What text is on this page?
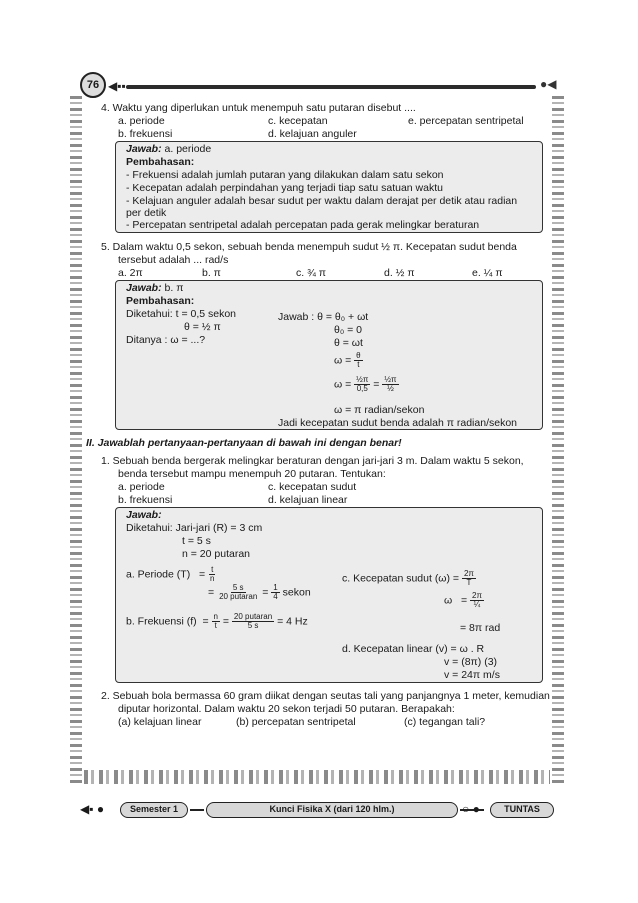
◀▪▪	●◀
76
4. Waktu yang diperlukan untuk menempuh satu putaran disebut ....
a. periode
b. frekuensi
c. kecepatan
d. kelajuan anguler
e. percepatan sentripetal
Jawab: a. periode
Pembahasan:
- Frekuensi adalah jumlah putaran yang dilakukan dalam satu sekon
- Kecepatan adalah perpindahan yang terjadi tiap satu satuan waktu
- Kelajuan anguler adalah besar sudut per waktu dalam derajat per detik atau radian
per detik
- Percepatan sentripetal adalah percepatan pada gerak melingkar beraturan
5. Dalam waktu 0,5 sekon, sebuah benda menempuh sudut ½ π. Kecepatan sudut benda
tersebut adalah ... rad/s
a. 2π	b. π	c. ¾ π	d. ½ π	e. ¼ π
Jawab: b. π
Pembahasan:
Diketahui: t = 0,5 sekon
θ = ½ π
Ditanya : ω = ...?
Jawab : θ = θ₀ + ωt
θ₀ = 0
θ = ωt
$\omega = \frac{\theta}{t}$
$\omega = \frac{\text{½π}}{0,5} = \frac{\text{½π}}{\text{½}}$
ω = π radian/sekon
Jadi kecepatan sudut benda adalah π radian/sekon
II. Jawablah pertanyaan-pertanyaan di bawah ini dengan benar!
1. Sebuah benda bergerak melingkar beraturan dengan jari-jari 3 m. Dalam waktu 5 sekon,
benda tersebut mampu menempuh 20 putaran. Tentukan:
a. periode
b. frekuensi
c. kecepatan sudut
d. kelajuan linear
Jawab:
Diketahui: Jari-jari (R) = 3 cm
t = 5 s
n = 20 putaran
a. Periode $(T) = \frac{t}{n}$
= $\frac{5 s}{\text{20 putaran}} = \frac{1}{4}$ sekon
b. Frekuensi $(f) = \frac{n}{t} = \frac{\text{20 putaran}}{5 s} = 4$ Hz
c. Kecepatan sudut $(\omega) = \frac{2\pi}{T}$
$\omega = \frac{2\pi}{\text{¼}}$
= 8π rad
d. Kecepatan linear (v) = ω . R
v = (8π) (3)
v = 24π m/s
2. Sebuah bola bermassa 60 gram diikat dengan seutas tali yang panjangnya 1 meter, kemudian
diputar horizontal. Dalam waktu 20 sekon terjadi 50 putaran. Berapakah:
(a) kelajuan linear	(b) percepatan sentripetal	(c) tegangan tali?
◀▪ ●	Semester 1	Kunci Fisika X (dari 120 hlm.)	○ ●	TUNTAS
